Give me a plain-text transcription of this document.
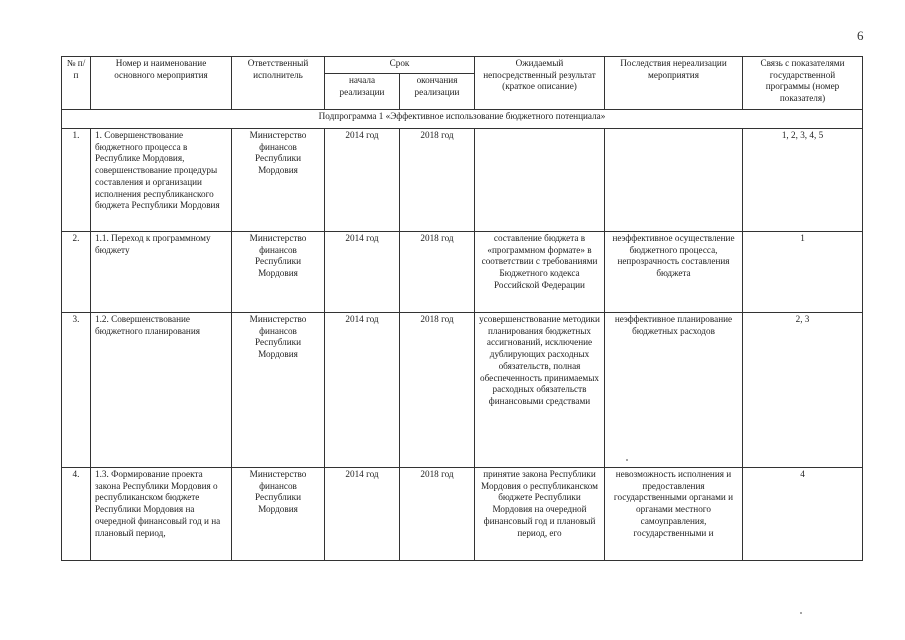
6
№ п/п	Номер и наименование основного мероприятия	Ответственный исполнитель	Срок		Ожидаемый непосредственный результат (краткое описание)	Последствия нереализации мероприятия	Связь с показателями государственной программы (номер показателя)
			начала реализации	окончания реализации			
Подпрограмма 1 «Эффективное использование бюджетного потенциала»							
1.	1. Совершенствование бюджетного процесса в Республике Мордовия, совершенствование процедуры составления и организации исполнения республиканского бюджета Республики Мордовия	Министерство финансов Республики Мордовия	2014 год	2018 год			1, 2, 3, 4, 5
2.	1.1. Переход к программному бюджету	Министерство финансов Республики Мордовия	2014 год	2018 год	составление бюджета в «программном формате» в соответствии с требованиями Бюджетного кодекса Российской Федерации	неэффективное осуществление бюджетного процесса, непрозрачность составления бюджета	1
3.	1.2. Совершенствование бюджетного планирования	Министерство финансов Республики Мордовия	2014 год	2018 год	усовершенствование методики планирования бюджетных ассигнований, исключение дублирующих расходных обязательств, полная обеспеченность принимаемых расходных обязательств финансовыми средствами	неэффективное планирование бюджетных расходов	2, 3
4.	1.3. Формирование проекта закона Республики Мордовия о республиканском бюджете Республики Мордовия на очередной финансовый год и на плановый период,	Министерство финансов Республики Мордовия	2014 год	2018 год	принятие закона Республики Мордовия о республиканском бюджете Республики Мордовия на очередной финансовый год и плановый период, его	невозможность исполнения и предоставления государственными органами и органами местного самоуправления, государственными и	4
